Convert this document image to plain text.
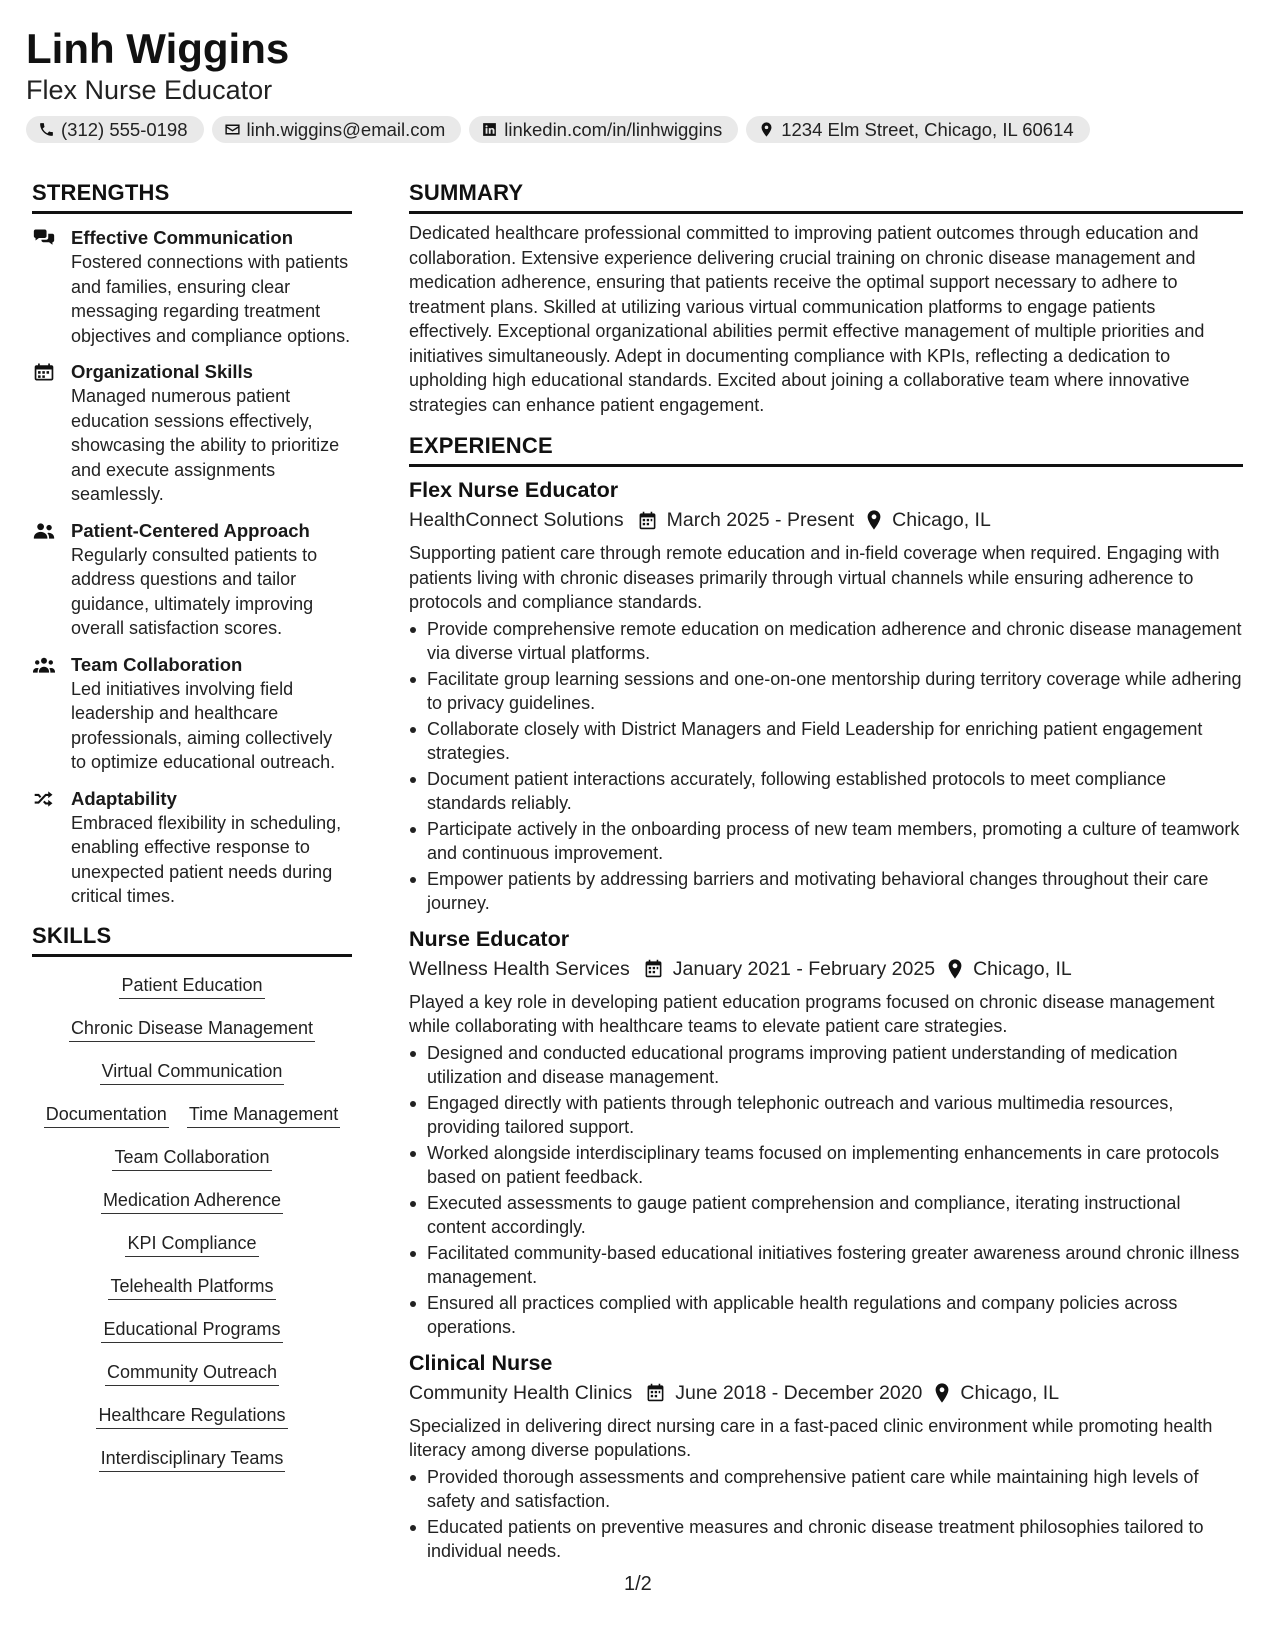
Linh Wiggins
Flex Nurse Educator
(312) 555-0198	linh.wiggins@email.com	linkedin.com/in/linhwiggins	1234 Elm Street, Chicago, IL 60614
STRENGTHS
Effective Communication
Fostered connections with patients and families, ensuring clear messaging regarding treatment objectives and compliance options.
Organizational Skills
Managed numerous patient education sessions effectively, showcasing the ability to prioritize and execute assignments seamlessly.
Patient-Centered Approach
Regularly consulted patients to address questions and tailor guidance, ultimately improving overall satisfaction scores.
Team Collaboration
Led initiatives involving field leadership and healthcare professionals, aiming collectively to optimize educational outreach.
Adaptability
Embraced flexibility in scheduling, enabling effective response to unexpected patient needs during critical times.
SKILLS
Patient Education
Chronic Disease Management
Virtual Communication
Documentation Time Management
Team Collaboration
Medication Adherence
KPI Compliance
Telehealth Platforms
Educational Programs
Community Outreach
Healthcare Regulations
Interdisciplinary Teams
SUMMARY
Dedicated healthcare professional committed to improving patient outcomes through education and collaboration. Extensive experience delivering crucial training on chronic disease management and medication adherence, ensuring that patients receive the optimal support necessary to adhere to treatment plans. Skilled at utilizing various virtual communication platforms to engage patients effectively. Exceptional organizational abilities permit effective management of multiple priorities and initiatives simultaneously. Adept in documenting compliance with KPIs, reflecting a dedication to upholding high educational standards. Excited about joining a collaborative team where innovative strategies can enhance patient engagement.
EXPERIENCE
Flex Nurse Educator
HealthConnect Solutions March 2025 - Present Chicago, IL
Supporting patient care through remote education and in-field coverage when required. Engaging with patients living with chronic diseases primarily through virtual channels while ensuring adherence to protocols and compliance standards.
Provide comprehensive remote education on medication adherence and chronic disease management via diverse virtual platforms.
Facilitate group learning sessions and one-on-one mentorship during territory coverage while adhering to privacy guidelines.
Collaborate closely with District Managers and Field Leadership for enriching patient engagement strategies.
Document patient interactions accurately, following established protocols to meet compliance standards reliably.
Participate actively in the onboarding process of new team members, promoting a culture of teamwork and continuous improvement.
Empower patients by addressing barriers and motivating behavioral changes throughout their care journey.
Nurse Educator
Wellness Health Services January 2021 - February 2025 Chicago, IL
Played a key role in developing patient education programs focused on chronic disease management while collaborating with healthcare teams to elevate patient care strategies.
Designed and conducted educational programs improving patient understanding of medication utilization and disease management.
Engaged directly with patients through telephonic outreach and various multimedia resources, providing tailored support.
Worked alongside interdisciplinary teams focused on implementing enhancements in care protocols based on patient feedback.
Executed assessments to gauge patient comprehension and compliance, iterating instructional content accordingly.
Facilitated community-based educational initiatives fostering greater awareness around chronic illness management.
Ensured all practices complied with applicable health regulations and company policies across operations.
Clinical Nurse
Community Health Clinics June 2018 - December 2020 Chicago, IL
Specialized in delivering direct nursing care in a fast-paced clinic environment while promoting health literacy among diverse populations.
Provided thorough assessments and comprehensive patient care while maintaining high levels of safety and satisfaction.
Educated patients on preventive measures and chronic disease treatment philosophies tailored to individual needs.
1/2
